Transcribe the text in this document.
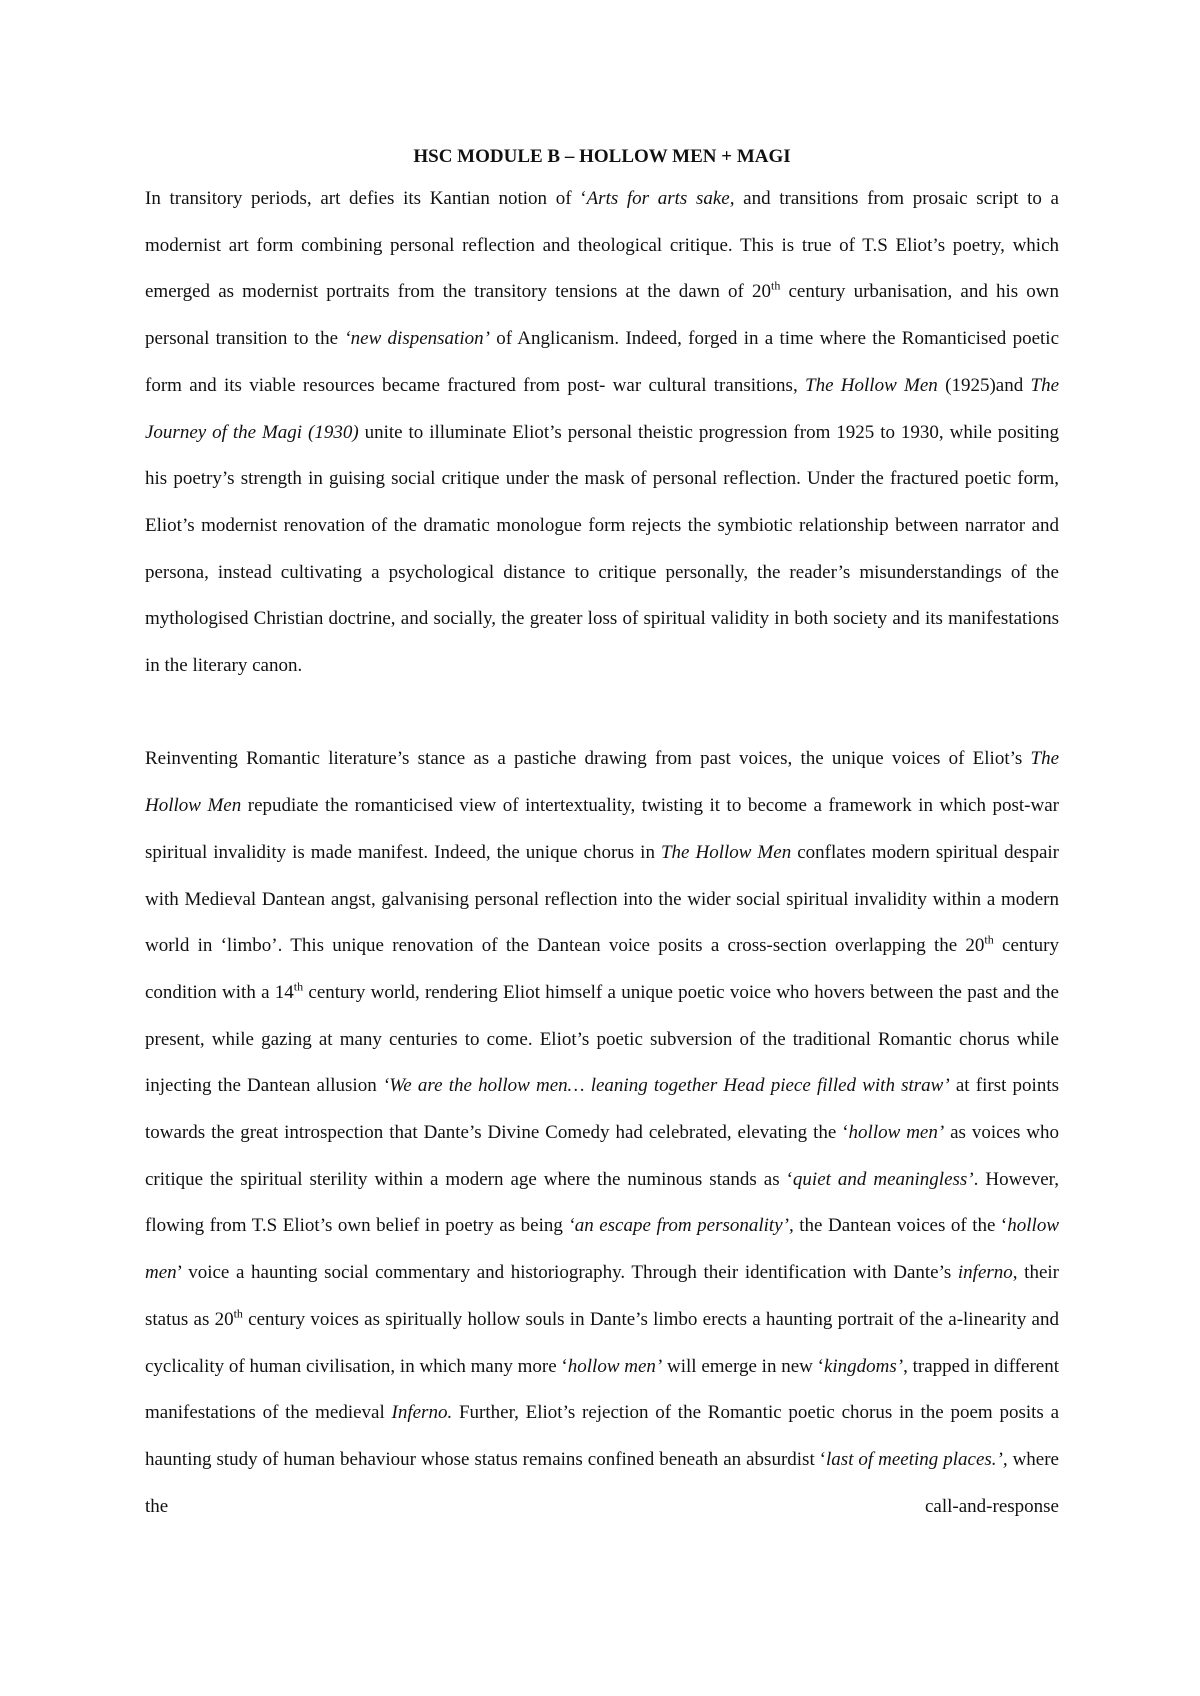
HSC MODULE B – HOLLOW MEN + MAGI

In transitory periods, art defies its Kantian notion of ‘Arts for arts sake, and transitions from prosaic script to a modernist art form combining personal reflection and theological critique. This is true of T.S Eliot’s poetry, which emerged as modernist portraits from the transitory tensions at the dawn of 20th century urbanisation, and his own personal transition to the ‘new dispensation’ of Anglicanism. Indeed, forged in a time where the Romanticised poetic form and its viable resources became fractured from post- war cultural transitions, The Hollow Men (1925)and The Journey of the Magi (1930) unite to illuminate Eliot’s personal theistic progression from 1925 to 1930, while positing his poetry’s strength in guising social critique under the mask of personal reflection. Under the fractured poetic form, Eliot’s modernist renovation of the dramatic monologue form rejects the symbiotic relationship between narrator and persona, instead cultivating a psychological distance to critique personally, the reader’s misunderstandings of the mythologised Christian doctrine, and socially, the greater loss of spiritual validity in both society and its manifestations in the literary canon.

Reinventing Romantic literature’s stance as a pastiche drawing from past voices, the unique voices of Eliot’s The Hollow Men repudiate the romanticised view of intertextuality, twisting it to become a framework in which post-war spiritual invalidity is made manifest. Indeed, the unique chorus in The Hollow Men conflates modern spiritual despair with Medieval Dantean angst, galvanising personal reflection into the wider social spiritual invalidity within a modern world in ‘limbo’. This unique renovation of the Dantean voice posits a cross-section overlapping the 20th century condition with a 14th century world, rendering Eliot himself a unique poetic voice who hovers between the past and the present, while gazing at many centuries to come. Eliot’s poetic subversion of the traditional Romantic chorus while injecting the Dantean allusion ‘We are the hollow men… leaning together Head piece filled with straw’ at first points towards the great introspection that Dante’s Divine Comedy had celebrated, elevating the ‘hollow men’ as voices who critique the spiritual sterility within a modern age where the numinous stands as ‘quiet and meaningless’. However, flowing from T.S Eliot’s own belief in poetry as being ‘an escape from personality’, the Dantean voices of the ‘hollow men’ voice a haunting social commentary and historiography. Through their identification with Dante’s inferno, their status as 20th century voices as spiritually hollow souls in Dante’s limbo erects a haunting portrait of the a-linearity and cyclicality of human civilisation, in which many more ‘hollow men’ will emerge in new ‘kingdoms’, trapped in different manifestations of the medieval Inferno. Further, Eliot’s rejection of the Romantic poetic chorus in the poem posits a haunting study of human behaviour whose status remains confined beneath an absurdist ‘last of meeting places.’, where the call-and-response
